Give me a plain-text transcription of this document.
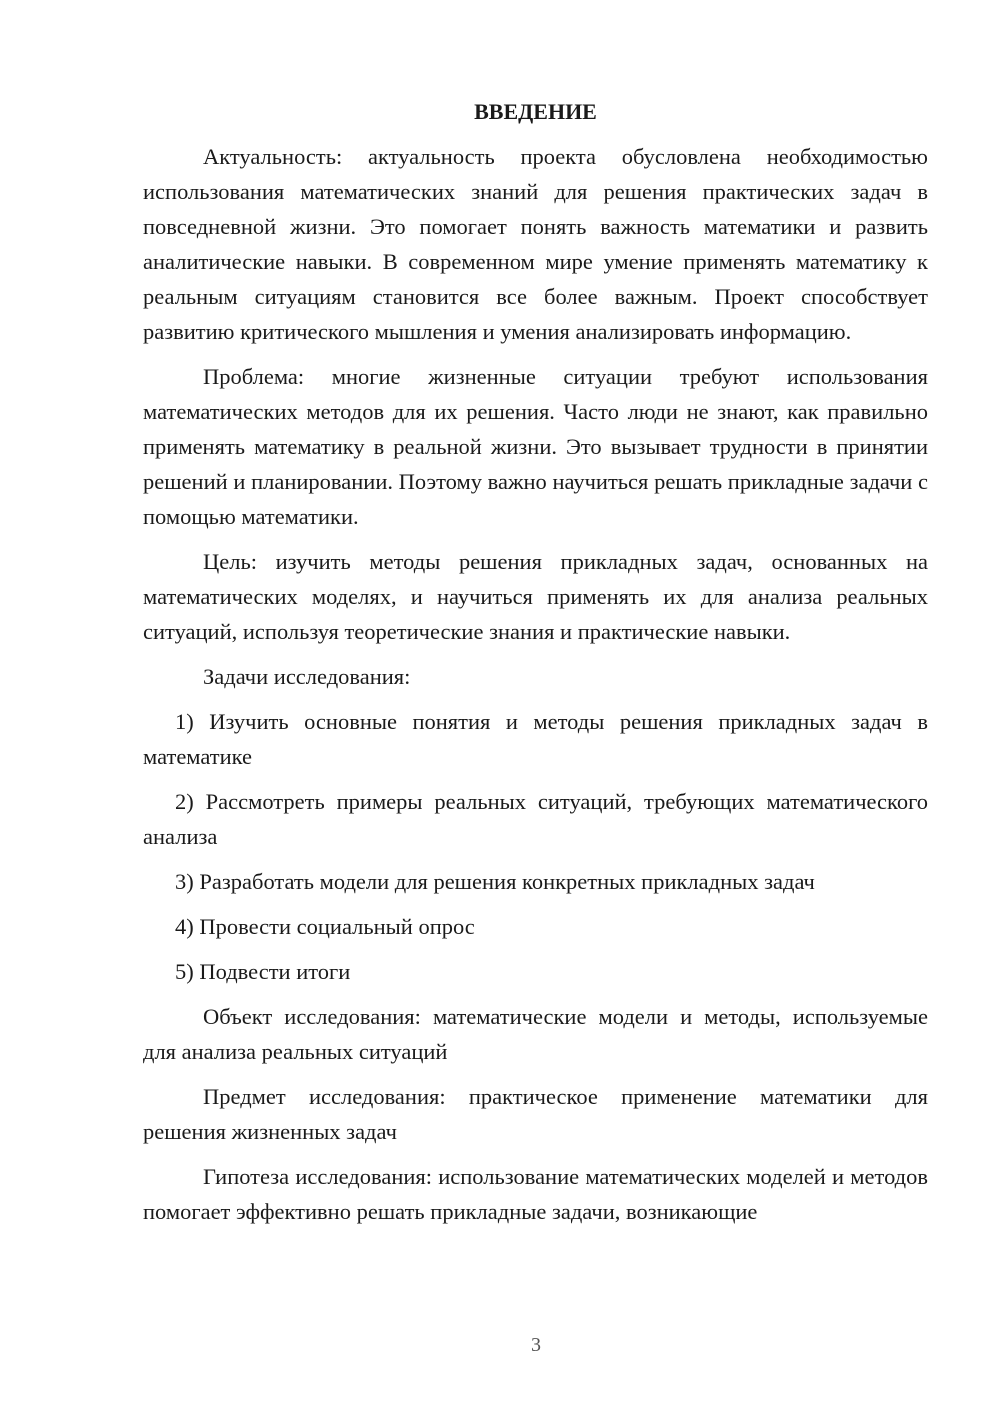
ВВЕДЕНИЕ

Актуальность: актуальность проекта обусловлена необходимостью использования математических знаний для решения практических задач в повседневной жизни. Это помогает понять важность математики и развить аналитические навыки. В современном мире умение применять математику к реальным ситуациям становится все более важным. Проект способствует развитию критического мышления и умения анализировать информацию.

Проблема: многие жизненные ситуации требуют использования математических методов для их решения. Часто люди не знают, как правильно применять математику в реальной жизни. Это вызывает трудности в принятии решений и планировании. Поэтому важно научиться решать прикладные задачи с помощью математики.

Цель: изучить методы решения прикладных задач, основанных на математических моделях, и научиться применять их для анализа реальных ситуаций, используя теоретические знания и практические навыки.

Задачи исследования:

1) Изучить основные понятия и методы решения прикладных задач в математике

2) Рассмотреть примеры реальных ситуаций, требующих математического анализа

3) Разработать модели для решения конкретных прикладных задач

4) Провести социальный опрос

5) Подвести итоги

Объект исследования: математические модели и методы, используемые для анализа реальных ситуаций

Предмет исследования: практическое применение математики для решения жизненных задач

Гипотеза исследования: использование математических моделей и методов помогает эффективно решать прикладные задачи, возникающие

3
